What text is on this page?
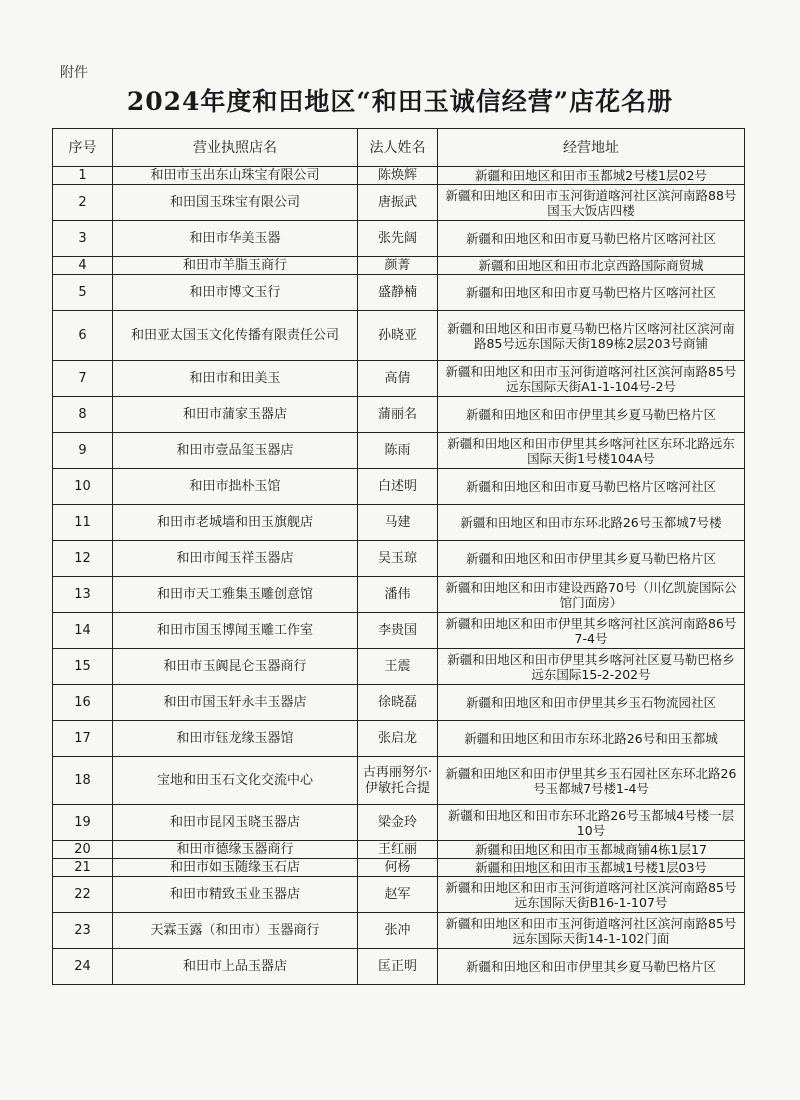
附件
2024年度和田地区“和田玉诚信经营”店花名册
序号	营业执照店名	法人姓名	经营地址
1	和田市玉出东山珠宝有限公司	陈焕辉	新疆和田地区和田市玉都城2号楼1层02号
2	和田国玉珠宝有限公司	唐振武	新疆和田地区和田市玉河街道喀河社区滨河南路88号国玉大饭店四楼
3	和田市华美玉器	张先阔	新疆和田地区和田市夏马勒巴格片区喀河社区
4	和田市羊脂玉商行	颜菁	新疆和田地区和田市北京西路国际商贸城
5	和田市博文玉行	盛静楠	新疆和田地区和田市夏马勒巴格片区喀河社区
6	和田亚太国玉文化传播有限责任公司	孙晓亚	新疆和田地区和田市夏马勒巴格片区喀河社区滨河南路85号远东国际天街189栋2层203号商铺
7	和田市和田美玉	高倩	新疆和田地区和田市玉河街道喀河社区滨河南路85号远东国际天街A1-1-104号-2号
8	和田市蒲家玉器店	蒲丽名	新疆和田地区和田市伊里其乡夏马勒巴格片区
9	和田市壹品玺玉器店	陈雨	新疆和田地区和田市伊里其乡喀河社区东环北路远东国际天街1号楼104A号
10	和田市拙朴玉馆	白述明	新疆和田地区和田市夏马勒巴格片区喀河社区
11	和田市老城墙和田玉旗舰店	马建	新疆和田地区和田市东环北路26号玉都城7号楼
12	和田市闻玉祥玉器店	吴玉琼	新疆和田地区和田市伊里其乡夏马勒巴格片区
13	和田市天工雅集玉雕创意馆	潘伟	新疆和田地区和田市建设西路70号（川亿凯旋国际公馆门面房）
14	和田市国玉博闻玉雕工作室	李贵国	新疆和田地区和田市伊里其乡喀河社区滨河南路86号7-4号
15	和田市玉阗昆仑玉器商行	王震	新疆和田地区和田市伊里其乡喀河社区夏马勒巴格乡远东国际15-2-202号
16	和田市国玉轩永丰玉器店	徐晓磊	新疆和田地区和田市伊里其乡玉石物流园社区
17	和田市钰龙缘玉器馆	张启龙	新疆和田地区和田市东环北路26号和田玉都城
18	宝地和田玉石文化交流中心	古再丽努尔·伊敏托合提	新疆和田地区和田市伊里其乡玉石园社区东环北路26号玉都城7号楼1-4号
19	和田市昆冈玉晓玉器店	梁金玲	新疆和田地区和田市东环北路26号玉都城4号楼一层10号
20	和田市德缘玉器商行	王红丽	新疆和田地区和田市玉都城商铺4栋1层17
21	和田市如玉随缘玉石店	何杨	新疆和田地区和田市玉都城1号楼1层03号
22	和田市精致玉业玉器店	赵军	新疆和田地区和田市玉河街道喀河社区滨河南路85号远东国际天街B16-1-107号
23	天霖玉露（和田市）玉器商行	张冲	新疆和田地区和田市玉河街道喀河社区滨河南路85号远东国际天街14-1-102门面
24	和田市上品玉器店	匡正明	新疆和田地区和田市伊里其乡夏马勒巴格片区
